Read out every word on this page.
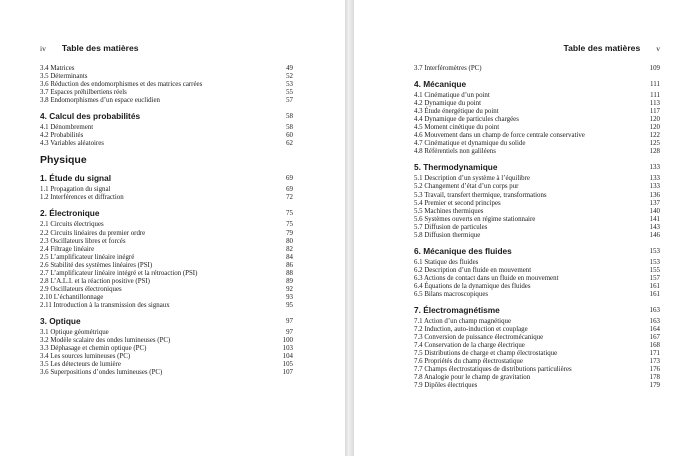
iv Table des matières
3.4 Matrices	49
3.5 Déterminants	52
3.6 Réduction des endomorphismes et des matrices carrées	53
3.7 Espaces préhilbertiens réels	55
3.8 Endomorphismes d’un espace euclidien	57
4. Calcul des probabilités	58
4.1 Dénombrement	58
4.2 Probabilités	60
4.3 Variables aléatoires	62
Physique
1. Étude du signal	69
1.1 Propagation du signal	69
1.2 Interférences et diffraction	72
2. Électronique	75
2.1 Circuits électriques	75
2.2 Circuits linéaires du premier ordre	79
2.3 Oscillateurs libres et forcés	80
2.4 Filtrage linéaire	82
2.5 L’amplificateur linéaire inégré	84
2.6 Stabilité des systèmes linéaires (PSI)	86
2.7 L’amplificateur linéaire intégré et la rétroaction (PSI)	88
2.8 L’A.L.I. et la réaction positive (PSI)	89
2.9 Oscillateurs électroniques	92
2.10 L’échantillonnage	93
2.11 Introduction à la transmission des signaux	95
3. Optique	97
3.1 Optique géométrique	97
3.2 Modèle scalaire des ondes lumineuses (PC)	100
3.3 Déphasage et chemin optique (PC)	103
3.4 Les sources lumineuses (PC)	104
3.5 Les détecteurs de lumière	105
3.6 Superpositions d’ondes lumineuses (PC)	107
Table des matières v
3.7 Interféromètres (PC)	109
4. Mécanique	111
4.1 Cinématique d’un point	111
4.2 Dynamique du point	113
4.3 Étude énergétique du point	117
4.4 Dynamique de particules chargées	120
4.5 Moment cinétique du point	120
4.6 Mouvement dans un champ de force centrale conservative	122
4.7 Cinématique et dynamique du solide	125
4.8 Référentiels non galiléens	128
5. Thermodynamique	133
5.1 Description d’un système à l’équilibre	133
5.2 Changement d’état d’un corps pur	133
5.3 Travail, transfert thermique, transformations	136
5.4 Premier et second principes	137
5.5 Machines thermiques	140
5.6 Systèmes ouverts en régime stationnaire	141
5.7 Diffusion de particules	143
5.8 Diffusion thermique	146
6. Mécanique des fluides	153
6.1 Statique des fluides	153
6.2 Description d’un fluide en mouvement	155
6.3 Actions de contact dans un fluide en mouvement	157
6.4 Équations de la dynamique des fluides	161
6.5 Bilans macroscopiques	161
7. Électromagnétisme	163
7.1 Action d’un champ magnétique	163
7.2 Induction, auto-induction et couplage	164
7.3 Conversion de puissance électromécanique	167
7.4 Conservation de la charge électrique	168
7.5 Distributions de charge et champ électrostatique	171
7.6 Propriétés du champ électrostatique	173
7.7 Champs électrostatiques de distributions particulières	176
7.8 Analogie pour le champ de gravitation	178
7.9 Dipôles électriques	179
